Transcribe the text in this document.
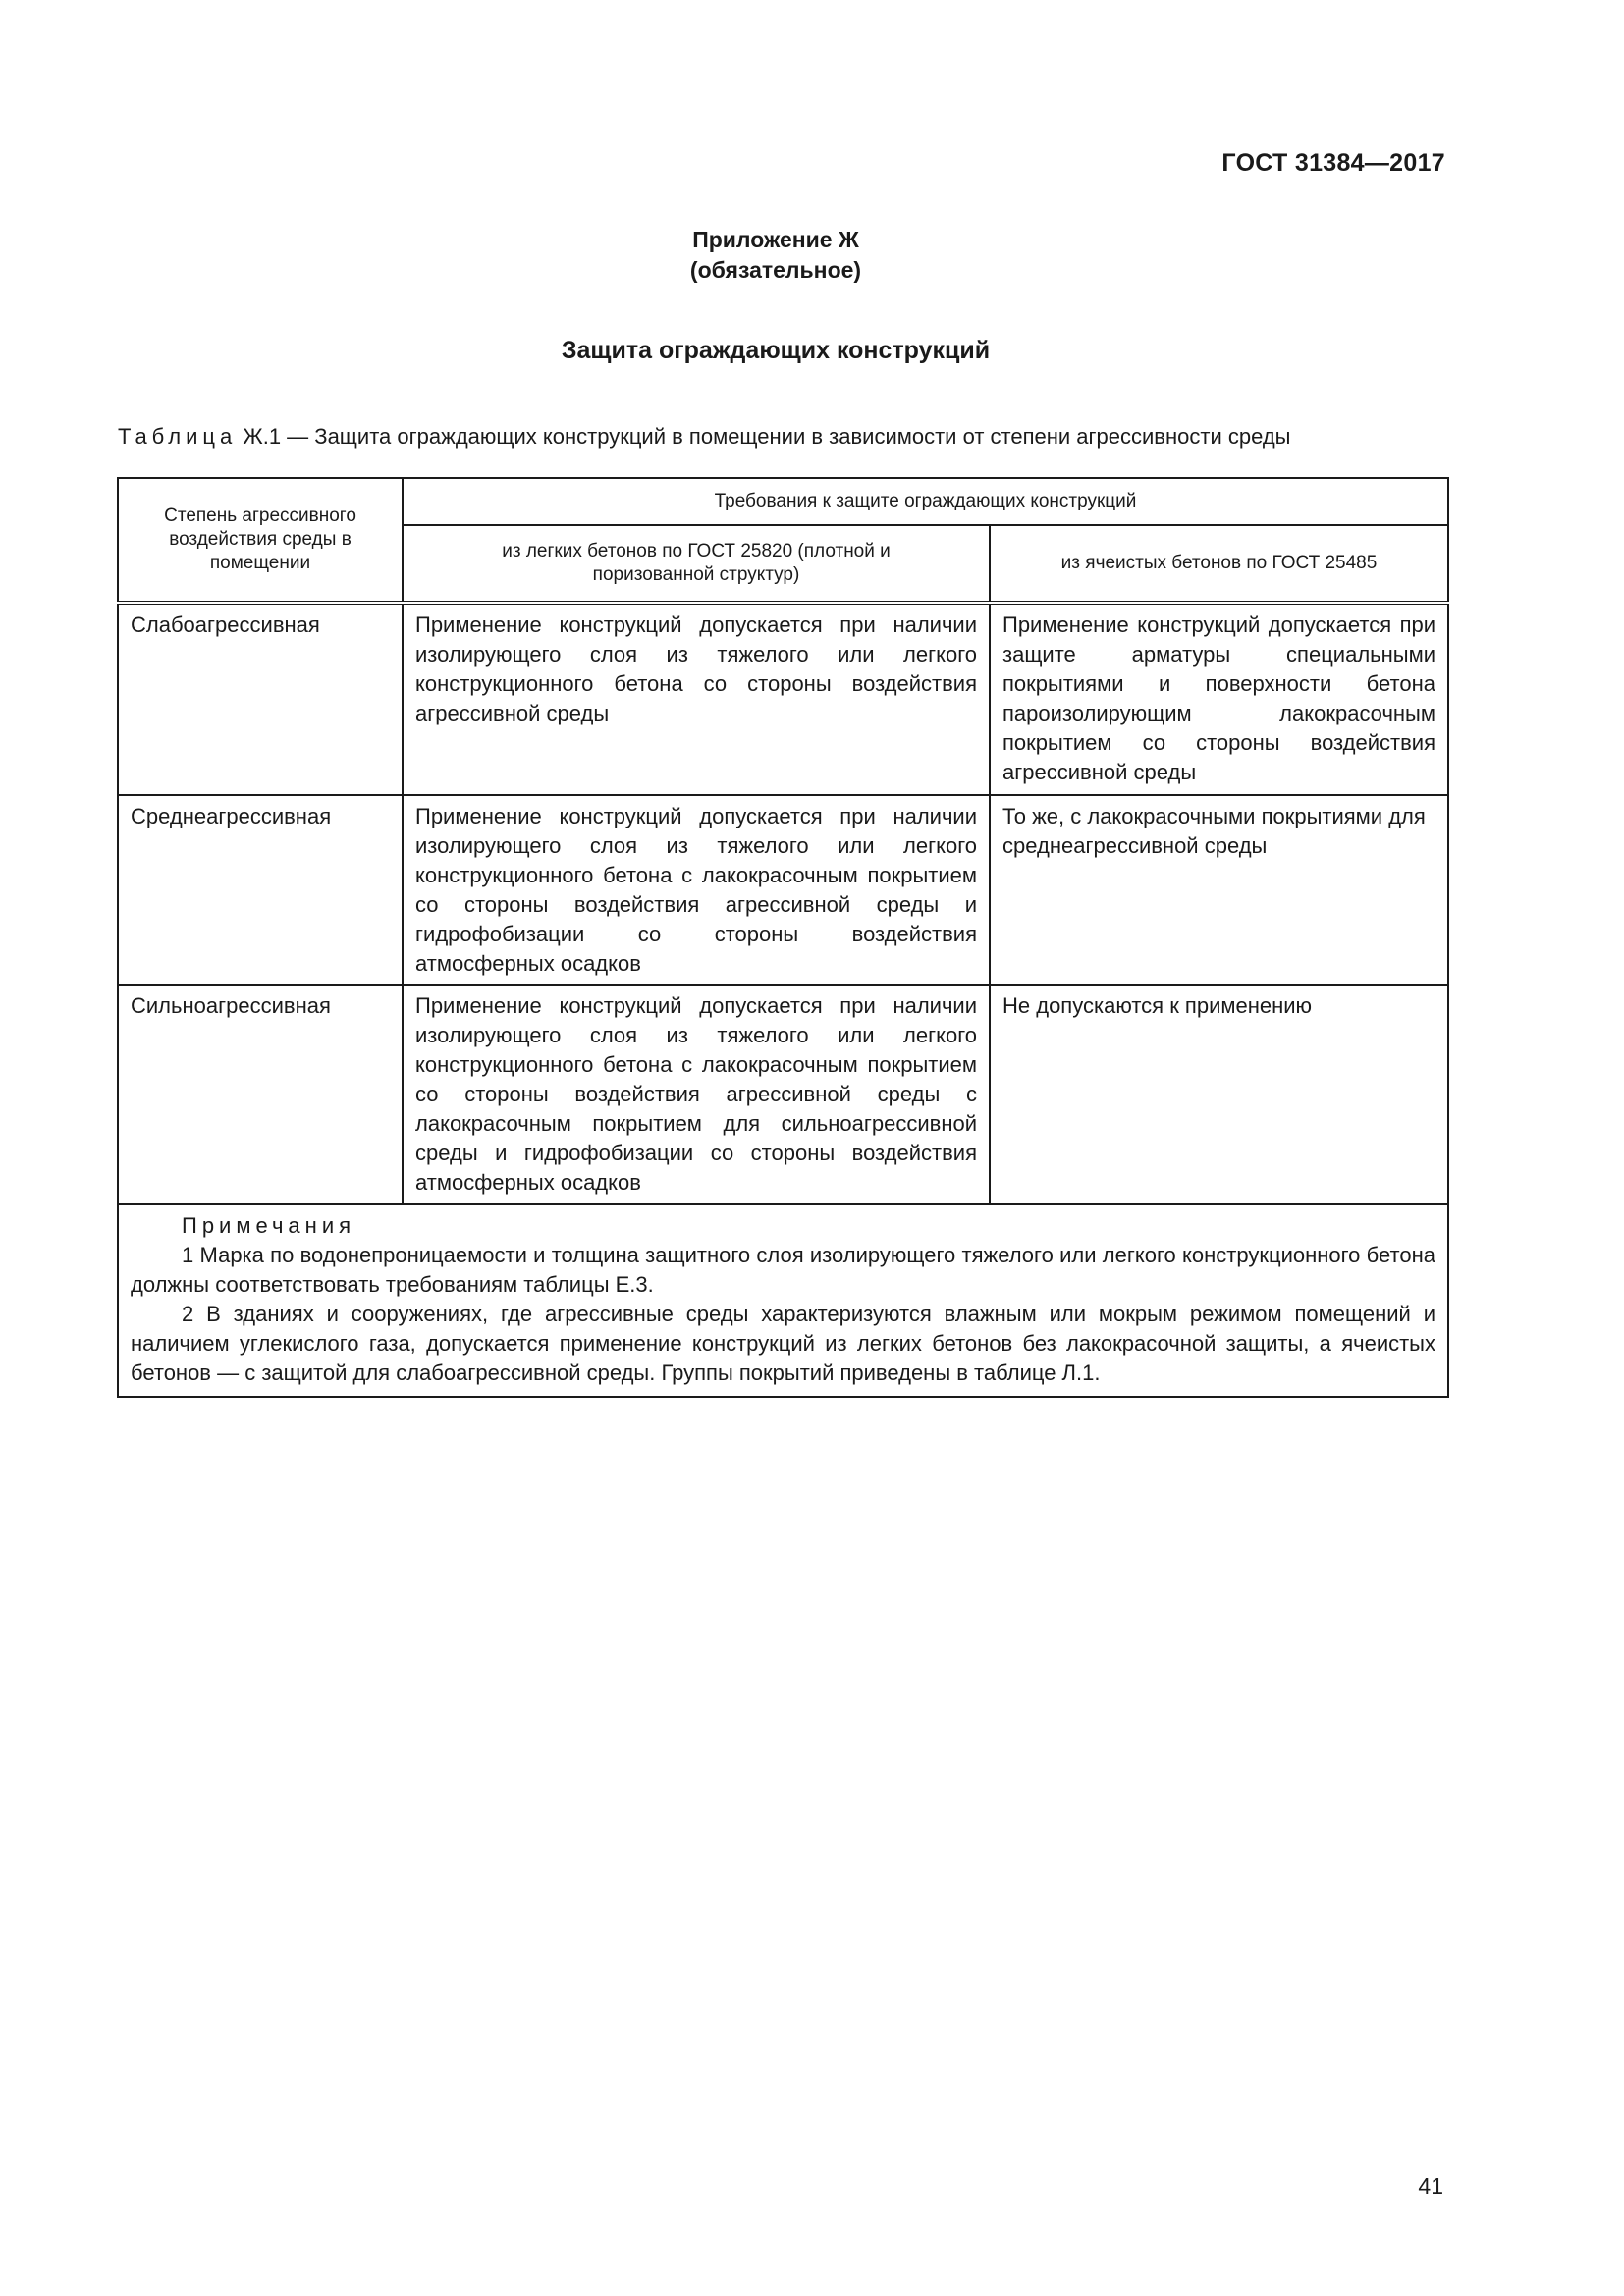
ГОСТ 31384—2017
Приложение Ж
(обязательное)
Защита ограждающих конструкций
Таблица Ж.1 — Защита ограждающих конструкций в помещении в зависимости от степени агрессивности среды
Степень агрессивного воздействия среды в помещении	Требования к защите ограждающих конструкций	
	из легких бетонов по ГОСТ 25820 (плотной и поризованной структур)	из ячеистых бетонов по ГОСТ 25485
Слабоагрессивная	Применение конструкций допускается при наличии изолирующего слоя из тяжелого или легкого конструкционного бетона со стороны воздействия агрессивной среды	Применение конструкций допускается при защите арматуры специальными покрытиями и поверхности бетона пароизолирующим лакокрасочным покрытием со стороны воздействия агрессивной среды
Среднеагрессивная	Применение конструкций допускается при наличии изолирующего слоя из тяжелого или легкого конструкционного бетона с лакокрасочным покрытием со стороны воздействия агрессивной среды и гидрофобизации со стороны воздействия атмосферных осадков	То же, с лакокрасочными покрытиями для среднеагрессивной среды
Сильноагрессивная	Применение конструкций допускается при наличии изолирующего слоя из тяжелого или легкого конструкционного бетона с лакокрасочным покрытием со стороны воздействия агрессивной среды с лакокрасочным покрытием для сильноагрессивной среды и гидрофобизации со стороны воздействия атмосферных осадков	Не допускаются к применению

Примечания
1 Марка по водонепроницаемости и толщина защитного слоя изолирующего тяжелого или легкого конструкционного бетона должны соответствовать требованиям таблицы Е.3.
2 В зданиях и сооружениях, где агрессивные среды характеризуются влажным или мокрым режимом помещений и наличием углекислого газа, допускается применение конструкций из легких бетонов без лакокрасочной защиты, а ячеистых бетонов — с защитой для слабоагрессивной среды. Группы покрытий приведены в таблице Л.1.		
41
